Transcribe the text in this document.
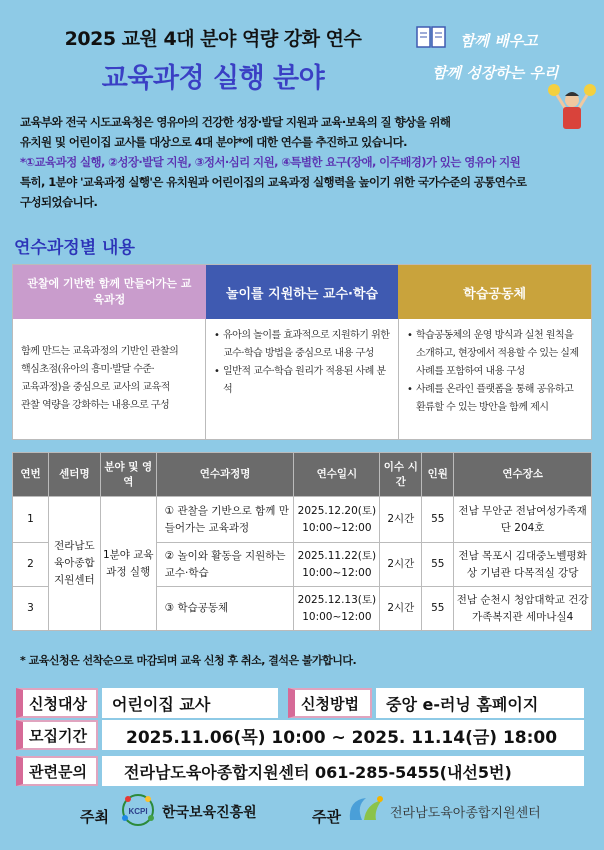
2025 교원 4대 분야 역량 강화 연수
교육과정 실행 분야
함께 배우고
함께 성장하는 우리

교육부와 전국 시도교육청은 영유아의 건강한 성장·발달 지원과 교육·보육의 질 향상을 위해

유치원 및 어린이집 교사를 대상으로 4대 분야*에 대한 연수를 추진하고 있습니다.

*①교육과정 실행, ②성장·발달 지원, ③정서·심리 지원, ④특별한 요구(장애, 이주배경)가 있는 영유아 지원

특히, 1분야 '교육과정 실행'은 유치원과 어린이집의 교육과정 실행력을 높이기 위한 국가수준의 공통연수로

구성되었습니다.

연수과정별 내용
관찰에 기반한 함께 만들어가는 교육과정	놀이를 지원하는 교수·학습	학습공동체

함께 만드는 교육과정의 기반인 관찰의

핵심초점(유아의 흥미·발달 수준·

교육과정)을 중심으로 교사의 교육적

관찰 역량을 강화하는 내용으로 구성

• 유아의 놀이를 효과적으로 지원하기 위한교수·학습 방법을 중심으로 내용 구성
• 일반적 교수·학습 원리가 적용된 사례 분석
• 학습공동체의 운영 방식과 실천 원칙을 소개하고, 현장에서 적용할 수 있는 실제 사례를 포함하여 내용 구성
• 사례를 온라인 플랫폼을 통해 공유하고 환류할 수 있는 방안을 함께 제시
연번	센터명	분야 및 영역	연수과정명	연수일시	이수 시간	인원	연수장소
1	전라남도 육아종합 지원센터	1분야 교육과정 실행	① 관찰을 기반으로 함께 만들어가는 교육과정	2025.12.20(토)
10:00~12:00	2시간	55	전남 무안군 전남여성가족재단 204호
2			② 놀이와 활동을 지원하는 교수·학습	2025.11.22(토)
10:00~12:00	2시간	55	전남 목포시 김대중노벨평화상 기념관 다목적실 강당
3			③ 학습공동체	2025.12.13(토)
10:00~12:00	2시간	55	전남 순천시 청암대학교 건강가족복지관 세마나실4
* 교육신청은 선착순으로 마감되며 교육 신청 후 취소, 결석은 불가합니다.
신청대상	어린이집 교사	신청방법	중앙 e-러닝 홈페이지
모집기간	2025.11.06(목) 10:00 ~ 2025. 11.14(금) 18:00
관련문의	전라남도육아종합지원센터 061-285-5455(내선5번)
주최 KCPI 한국보육진흥원	주관	전라남도육아종합지원센터
